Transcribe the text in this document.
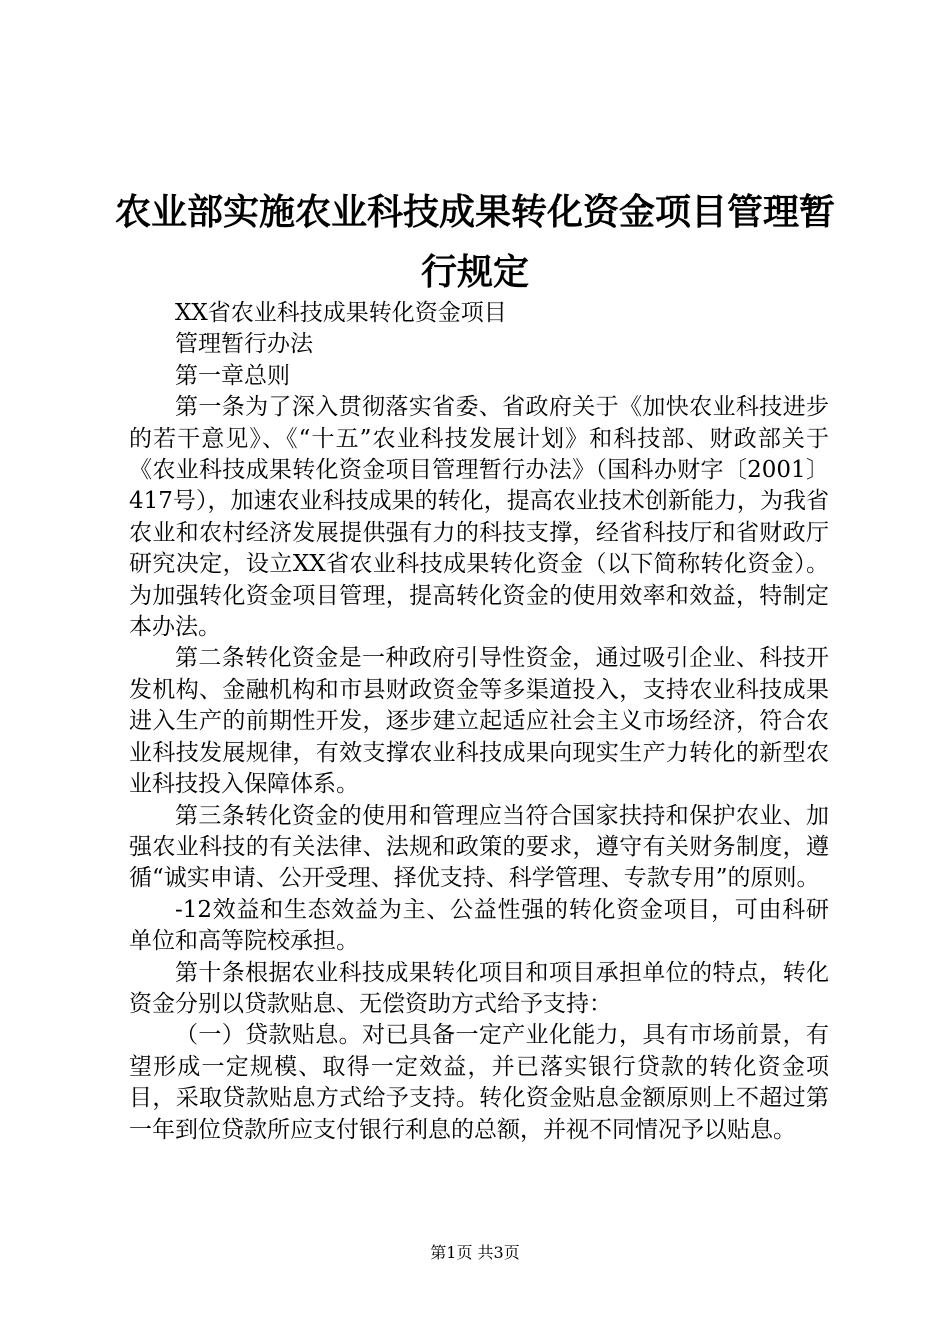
农业部实施农业科技成果转化资金项目管理暂行规定

XX省农业科技成果转化资金项目

管理暂行办法

第一章总则

第一条为了深入贯彻落实省委、省政府关于《加快农业科技进步的若干意见》、《“十五”农业科技发展计划》和科技部、财政部关于《农业科技成果转化资金项目管理暂行办法》（国科办财字〔2001〕417号），加速农业科技成果的转化，提高农业技术创新能力，为我省农业和农村经济发展提供强有力的科技支撑，经省科技厅和省财政厅研究决定，设立XX省农业科技成果转化资金（以下简称转化资金）。为加强转化资金项目管理，提高转化资金的使用效率和效益，特制定本办法。

第二条转化资金是一种政府引导性资金，通过吸引企业、科技开发机构、金融机构和市县财政资金等多渠道投入，支持农业科技成果进入生产的前期性开发，逐步建立起适应社会主义市场经济，符合农业科技发展规律，有效支撑农业科技成果向现实生产力转化的新型农业科技投入保障体系。

第三条转化资金的使用和管理应当符合国家扶持和保护农业、加强农业科技的有关法律、法规和政策的要求，遵守有关财务制度，遵循“诚实申请、公开受理、择优支持、科学管理、专款专用”的原则。

-12效益和生态效益为主、公益性强的转化资金项目，可由科研单位和高等院校承担。

第十条根据农业科技成果转化项目和项目承担单位的特点，转化资金分别以贷款贴息、无偿资助方式给予支持：

（一）贷款贴息。对已具备一定产业化能力，具有市场前景，有望形成一定规模、取得一定效益，并已落实银行贷款的转化资金项目，采取贷款贴息方式给予支持。转化资金贴息金额原则上不超过第一年到位贷款所应支付银行利息的总额，并视不同情况予以贴息。

第1页 共3页
